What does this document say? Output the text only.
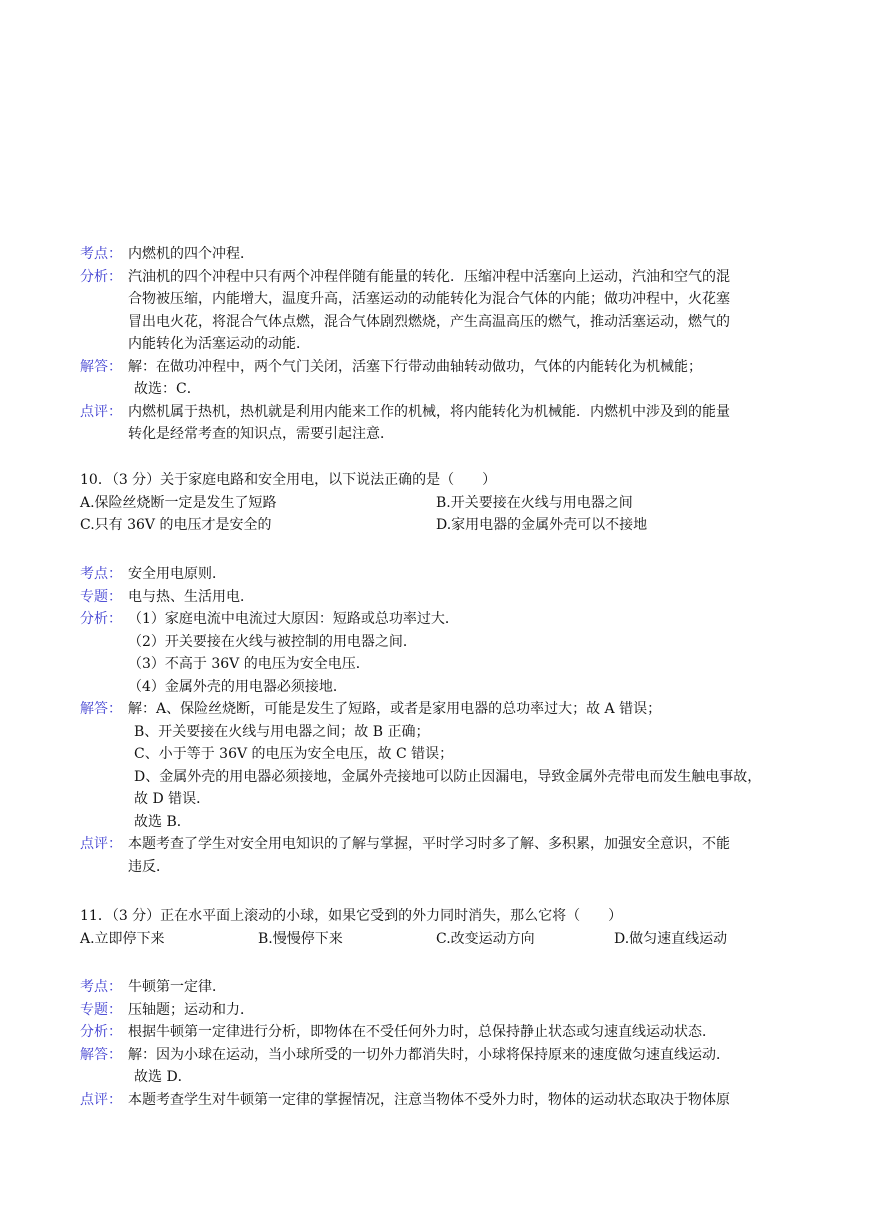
考点： 内燃机的四个冲程．

分析： 汽油机的四个冲程中只有两个冲程伴随有能量的转化．压缩冲程中活塞向上运动，汽油和空气的混

合物被压缩，内能增大，温度升高，活塞运动的动能转化为混合气体的内能；做功冲程中，火花塞

冒出电火花，将混合气体点燃，混合气体剧烈燃烧，产生高温高压的燃气，推动活塞运动，燃气的

内能转化为活塞运动的动能．

解答： 解：在做功冲程中，两个气门关闭，活塞下行带动曲轴转动做功，气体的内能转化为机械能；

故选：C．

点评： 内燃机属于热机，热机就是利用内能来工作的机械，将内能转化为机械能．内燃机中涉及到的能量

转化是经常考查的知识点，需要引起注意．

10．（3 分）关于家庭电路和安全用电，以下说法正确的是（　　）

A.保险丝烧断一定是发生了短路	B.开关要接在火线与用电器之间
C.只有 36V 的电压才是安全的	D.家用电器的金属外壳可以不接地
考点： 安全用电原则．

专题： 电与热、生活用电．

分析： （1）家庭电流中电流过大原因：短路或总功率过大．

（2）开关要接在火线与被控制的用电器之间．

（3）不高于 36V 的电压为安全电压．

（4）金属外壳的用电器必须接地．

解答： 解：A、保险丝烧断，可能是发生了短路，或者是家用电器的总功率过大；故 A 错误；

B、开关要接在火线与用电器之间；故 B 正确；

C、小于等于 36V 的电压为安全电压，故 C 错误；

D、金属外壳的用电器必须接地，金属外壳接地可以防止因漏电，导致金属外壳带电而发生触电事故，

故 D 错误．

故选 B．

点评： 本题考查了学生对安全用电知识的了解与掌握，平时学习时多了解、多积累，加强安全意识，不能

违反．

11．（3 分）正在水平面上滚动的小球，如果它受到的外力同时消失，那么它将（　　）

A.立即停下来	B.慢慢停下来	C.改变运动方向	D.做匀速直线运动
考点： 牛顿第一定律．

专题： 压轴题；运动和力．

分析： 根据牛顿第一定律进行分析，即物体在不受任何外力时，总保持静止状态或匀速直线运动状态．

解答： 解：因为小球在运动，当小球所受的一切外力都消失时，小球将保持原来的速度做匀速直线运动．

故选 D．

点评： 本题考查学生对牛顿第一定律的掌握情况，注意当物体不受外力时，物体的运动状态取决于物体原
